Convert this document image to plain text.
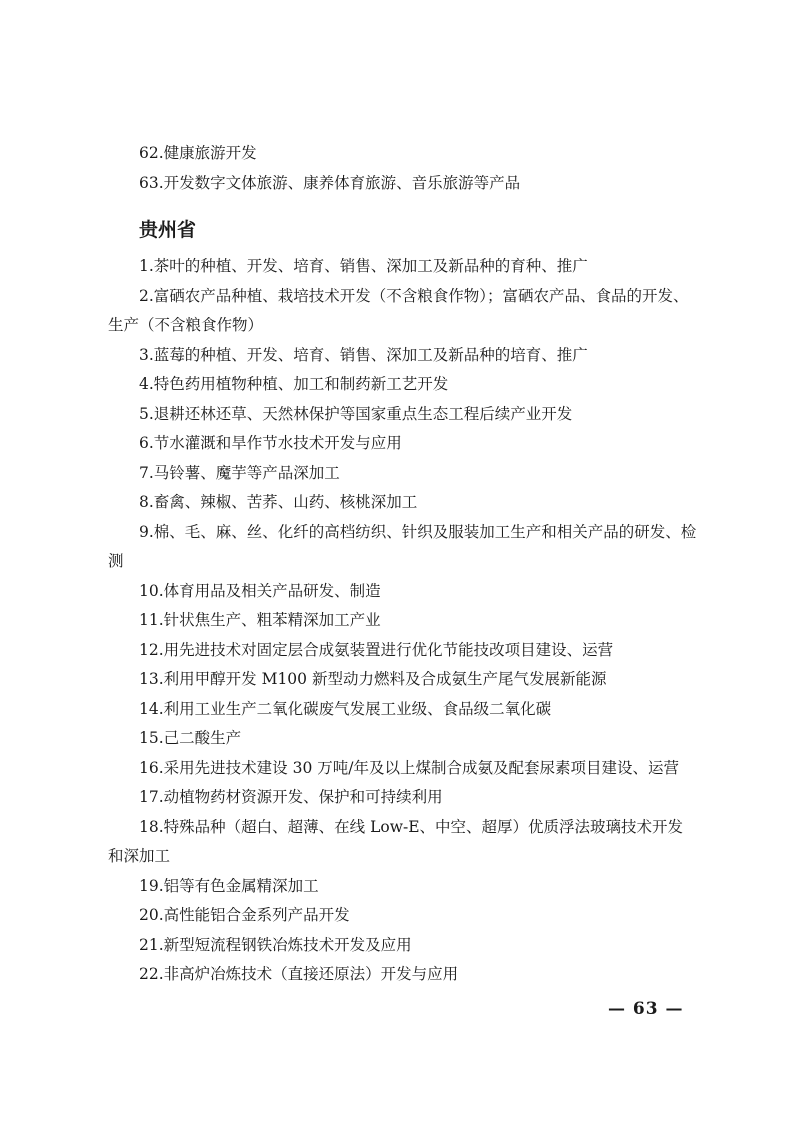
62.健康旅游开发

63.开发数字文体旅游、康养体育旅游、音乐旅游等产品

贵州省

1.茶叶的种植、开发、培育、销售、深加工及新品种的育种、推广

2.富硒农产品种植、栽培技术开发（不含粮食作物）；富硒农产品、食品的开发、生产（不含粮食作物）

3.蓝莓的种植、开发、培育、销售、深加工及新品种的培育、推广

4.特色药用植物种植、加工和制药新工艺开发

5.退耕还林还草、天然林保护等国家重点生态工程后续产业开发

6.节水灌溉和旱作节水技术开发与应用

7.马铃薯、魔芋等产品深加工

8.畜禽、辣椒、苦荞、山药、核桃深加工

9.棉、毛、麻、丝、化纤的高档纺织、针织及服装加工生产和相关产品的研发、检测

10.体育用品及相关产品研发、制造

11.针状焦生产、粗苯精深加工产业

12.用先进技术对固定层合成氨装置进行优化节能技改项目建设、运营

13.利用甲醇开发 M100 新型动力燃料及合成氨生产尾气发展新能源

14.利用工业生产二氧化碳废气发展工业级、食品级二氧化碳

15.己二酸生产

16.采用先进技术建设 30 万吨/年及以上煤制合成氨及配套尿素项目建设、运营

17.动植物药材资源开发、保护和可持续利用

18.特殊品种（超白、超薄、在线 Low-E、中空、超厚）优质浮法玻璃技术开发和深加工

19.铝等有色金属精深加工

20.高性能铝合金系列产品开发

21.新型短流程钢铁冶炼技术开发及应用

22.非高炉冶炼技术（直接还原法）开发与应用

— 63 —
